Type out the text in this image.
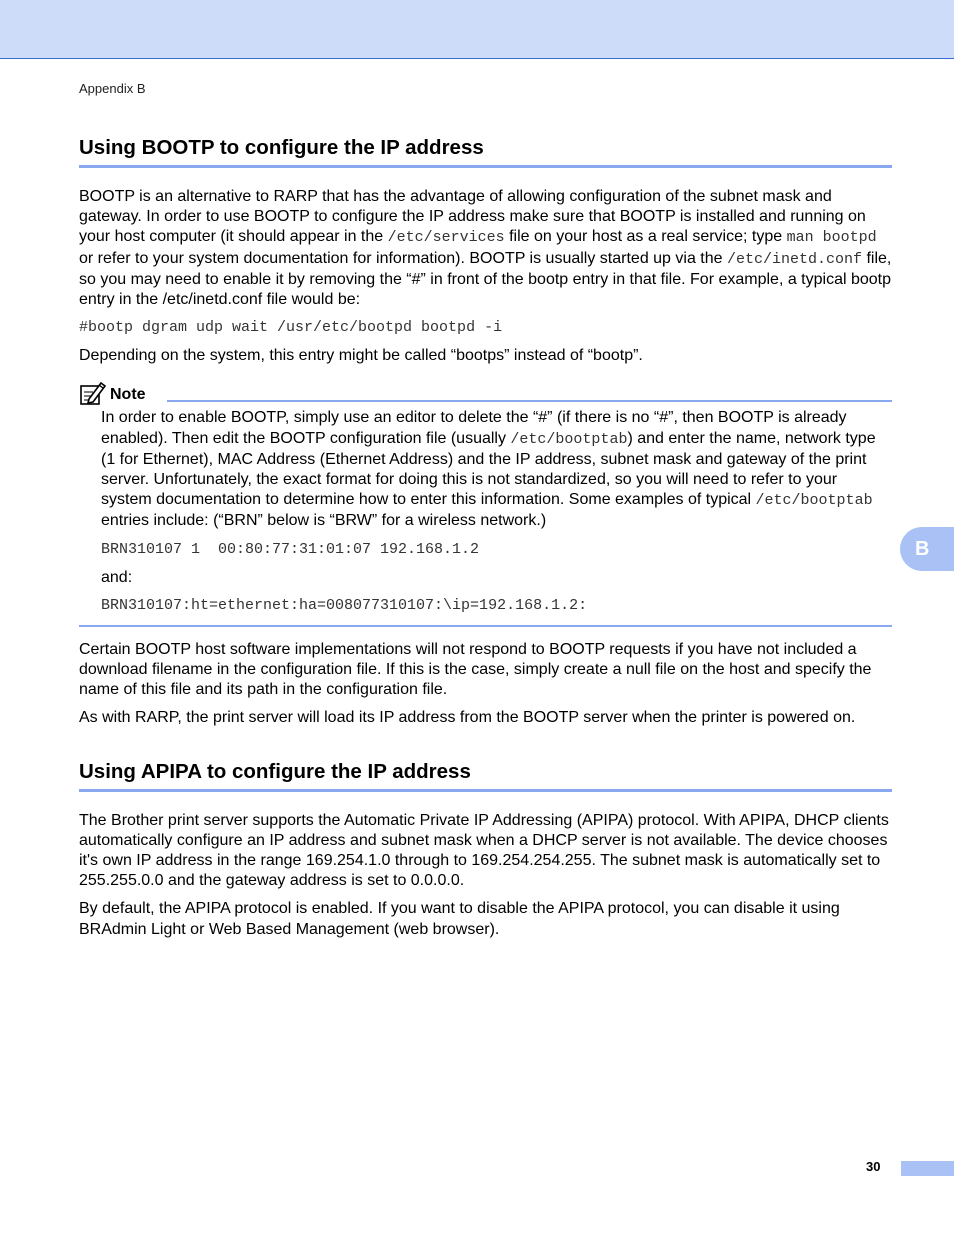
Appendix B
Using BOOTP to configure the IP address

BOOTP is an alternative to RARP that has the advantage of allowing configuration of the subnet mask and gateway. In order to use BOOTP to configure the IP address make sure that BOOTP is installed and running on your host computer (it should appear in the /etc/services file on your host as a real service; type man bootpd or refer to your system documentation for information). BOOTP is usually started up via the /etc/inetd.conf file, so you may need to enable it by removing the “#” in front of the bootp entry in that file. For example, a typical bootp entry in the /etc/inetd.conf file would be:

#bootp dgram udp wait /usr/etc/bootpd bootpd -i

Depending on the system, this entry might be called “bootps” instead of “bootp”.

Note

In order to enable BOOTP, simply use an editor to delete the “#” (if there is no “#”, then BOOTP is already enabled). Then edit the BOOTP configuration file (usually /etc/bootptab) and enter the name, network type (1 for Ethernet), MAC Address (Ethernet Address) and the IP address, subnet mask and gateway of the print server. Unfortunately, the exact format for doing this is not standardized, so you will need to refer to your system documentation to determine how to enter this information. Some examples of typical /etc/bootptab entries include: (“BRN” below is “BRW” for a wireless network.)

BRN310107 1  00:80:77:31:01:07 192.168.1.2

and:

BRN310107:ht=ethernet:ha=008077310107:\ip=192.168.1.2:

Certain BOOTP host software implementations will not respond to BOOTP requests if you have not included a download filename in the configuration file. If this is the case, simply create a null file on the host and specify the name of this file and its path in the configuration file.

As with RARP, the print server will load its IP address from the BOOTP server when the printer is powered on.

Using APIPA to configure the IP address

The Brother print server supports the Automatic Private IP Addressing (APIPA) protocol. With APIPA, DHCP clients automatically configure an IP address and subnet mask when a DHCP server is not available. The device chooses it's own IP address in the range 169.254.1.0 through to 169.254.254.255. The subnet mask is automatically set to 255.255.0.0 and the gateway address is set to 0.0.0.0.

By default, the APIPA protocol is enabled. If you want to disable the APIPA protocol, you can disable it using BRAdmin Light or Web Based Management (web browser).

B
30
